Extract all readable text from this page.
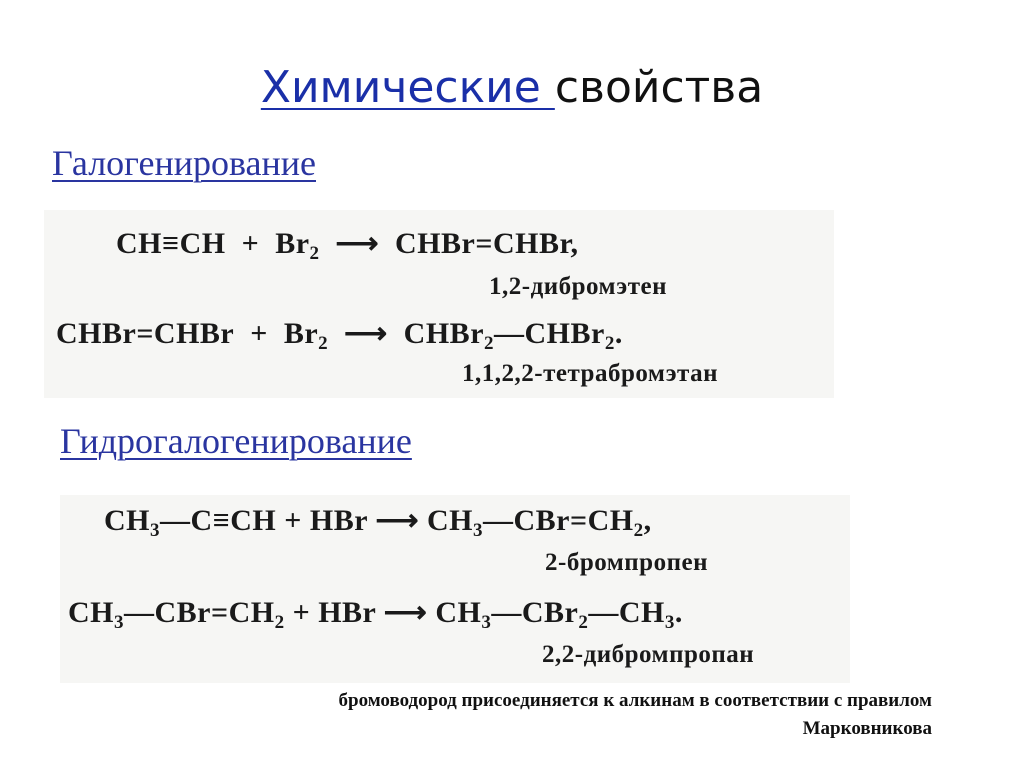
Химические свойства
Галогенирование
$CH\equiv CH + Br_2$  ⟶  CHBr=CHBr,
1,2-дибромэтен
CHBr=CHBr  +  $Br_2$  ⟶  CHBr$_2$—CHBr$_2$.
1,1,2,2-тетрабромэтан
Гидрогалогенирование
$CH_3—C\equiv CH$ + HBr ⟶ $CH_3—CBr=CH_2$,
2-бромпропен
$CH_3—CBr=CH_2$ + HBr ⟶ $CH_3—CBr_2—CH_3$.
2,2-дибромпропан
бромоводород присоединяется к алкинам в соответствии с правилом
Марковникова
